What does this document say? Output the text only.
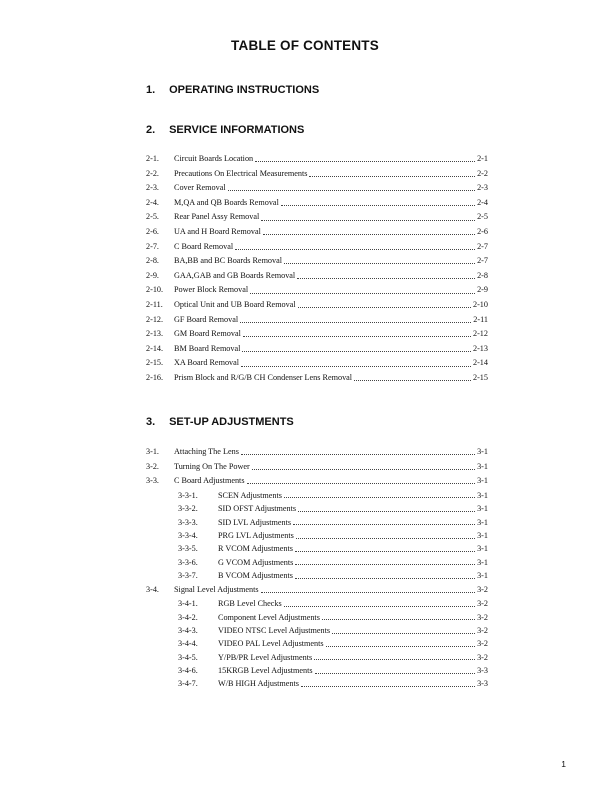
TABLE OF CONTENTS
1. OPERATING INSTRUCTIONS
2. SERVICE INFORMATIONS
2-1.	Circuit Boards Location	2-1
2-2.	Precautions On Electrical Measurements	2-2
2-3.	Cover Removal	2-3
2-4.	M,QA and QB Boards Removal	2-4
2-5.	Rear Panel Assy Removal	2-5
2-6.	UA and H Board Removal	2-6
2-7.	C Board Removal	2-7
2-8.	BA,BB and BC Boards Removal	2-7
2-9.	GAA,GAB and GB Boards Removal	2-8
2-10.	Power Block Removal	2-9
2-11.	Optical Unit and UB Board Removal	2-10
2-12.	GF Board Removal	2-11
2-13.	GM Board Removal	2-12
2-14.	BM Board Removal	2-13
2-15.	XA Board Removal	2-14
2-16.	Prism Block and R/G/B CH Condenser Lens Removal	2-15
3. SET-UP ADJUSTMENTS
3-1.	Attaching The Lens	3-1
3-2.	Turning On The Power	3-1
3-3.	C Board Adjustments	3-1
3-3-1.	SCEN Adjustments	3-1
3-3-2.	SID OFST Adjustments	3-1
3-3-3.	SID LVL Adjustments	3-1
3-3-4.	PRG LVL Adjustments	3-1
3-3-5.	R VCOM Adjustments	3-1
3-3-6.	G VCOM Adjustments	3-1
3-3-7.	B VCOM Adjustments	3-1
3-4.	Signal Level Adjustments	3-2
3-4-1.	RGB Level Checks	3-2
3-4-2.	Component Level Adjustments	3-2
3-4-3.	VIDEO NTSC Level Adjustments	3-2
3-4-4.	VIDEO PAL Level Adjustments	3-2
3-4-5.	Y/PB/PR Level Adjustments	3-2
3-4-6.	15KRGB Level Adjustments	3-3
3-4-7.	W/B HIGH Adjustments	3-3
1
